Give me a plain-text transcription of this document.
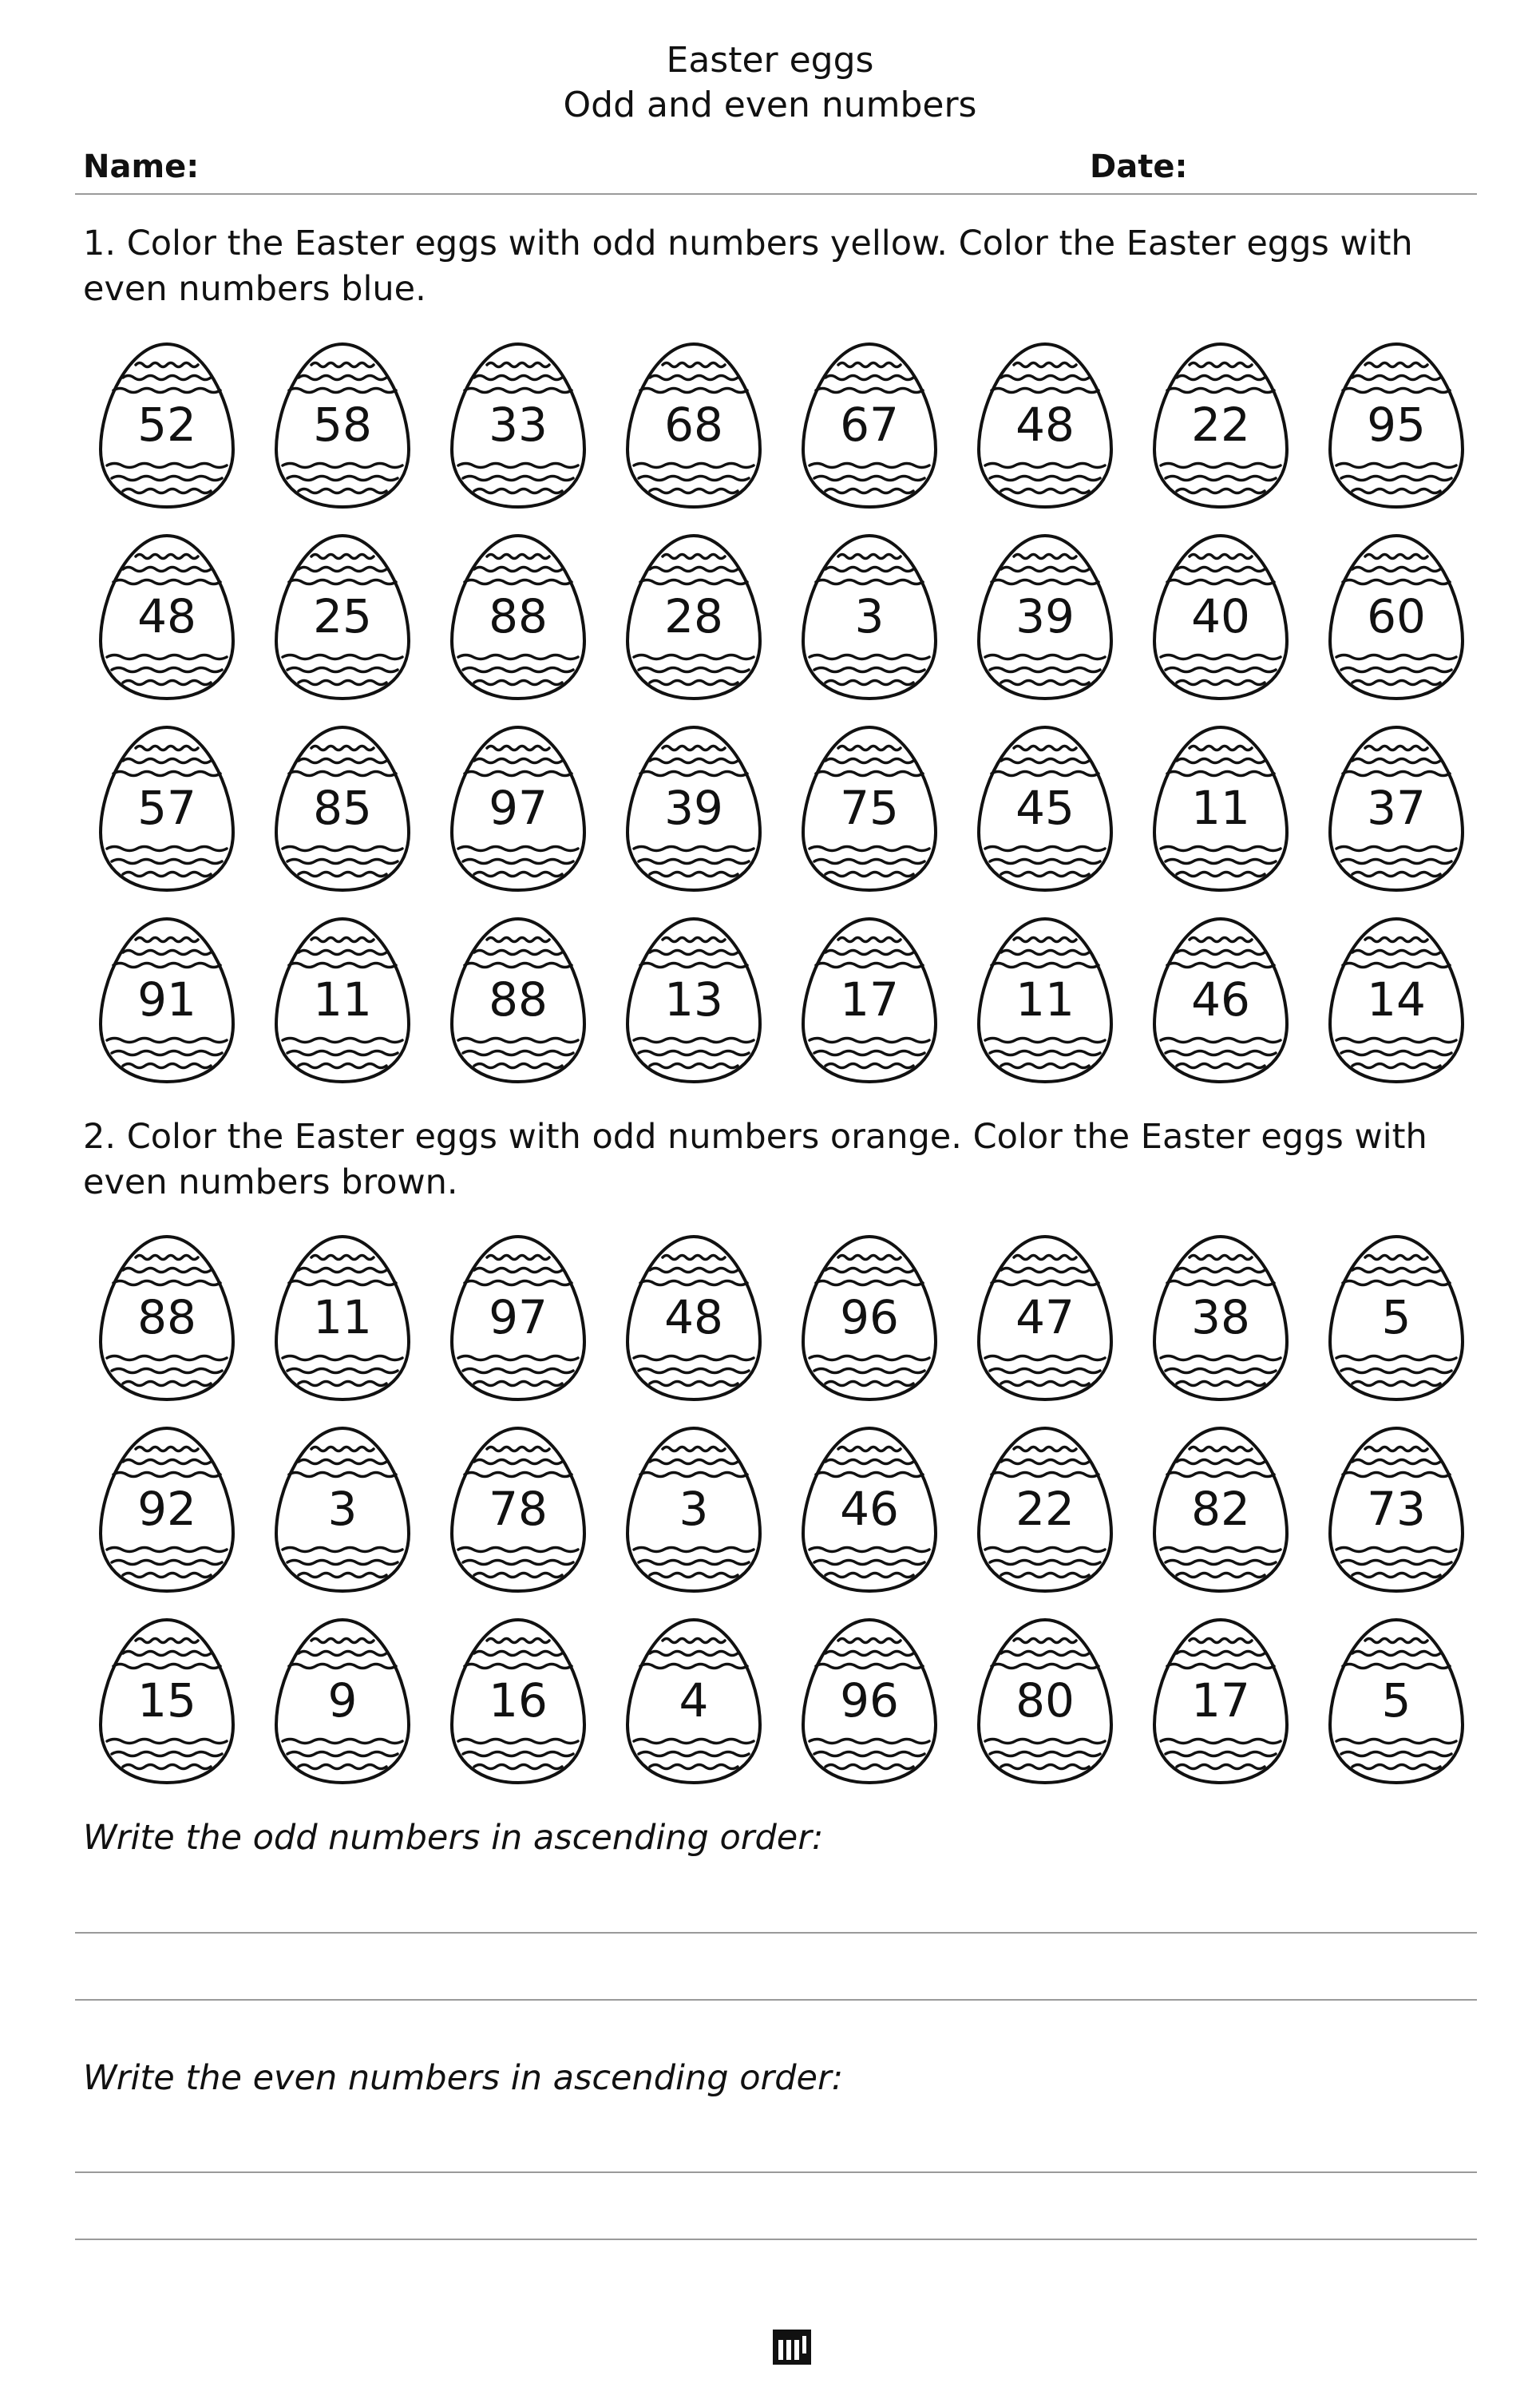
Easter eggs
Odd and even numbers
Name:	Date:
1. Color the Easter eggs with odd numbers yellow. Color the Easter eggs with even numbers blue.
52	58	33	68	67	48	22	95
48	25	88	28	3	39	40	60
57	85	97	39	75	45	11	37
91	11	88	13	17	11	46	14
2. Color the Easter eggs with odd numbers orange. Color the Easter eggs with even numbers brown.
88	11	97	48	96	47	38	5
92	3	78	3	46	22	82	73
15	9	16	4	96	80	17	5
Write the odd numbers in ascending order:
Write the even numbers in ascending order:
